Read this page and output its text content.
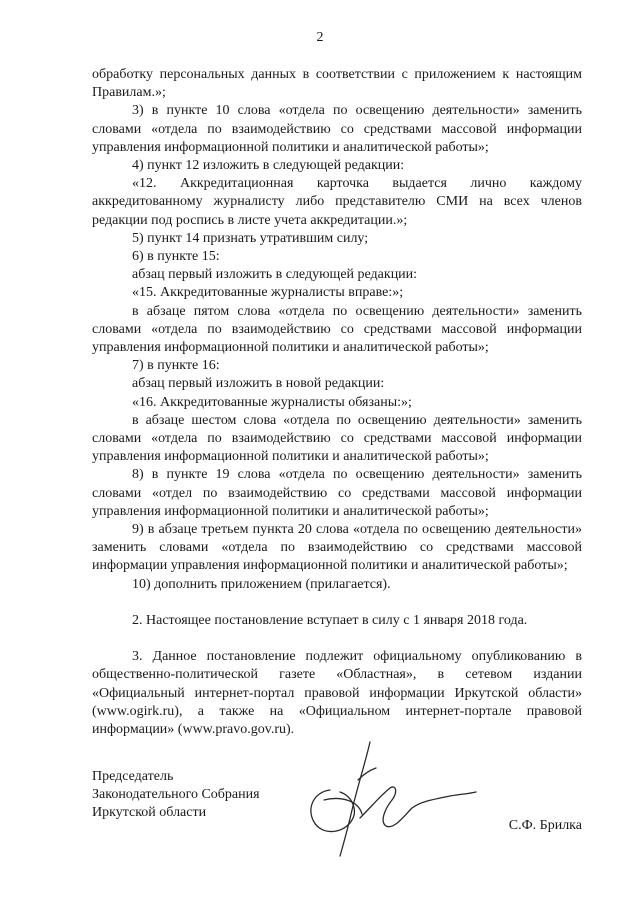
2

обработку персональных данных в соответствии с приложением к настоящим Правилам.»;

3) в пункте 10 слова «отдела по освещению деятельности» заменить словами «отдела по взаимодействию со средствами массовой информации управления информационной политики и аналитической работы»;

4) пункт 12 изложить в следующей редакции:

«12. Аккредитационная карточка выдается лично каждому аккредитованному журналисту либо представителю СМИ на всех членов редакции под роспись в листе учета аккредитации.»;

5) пункт 14 признать утратившим силу;

6) в пункте 15:

абзац первый изложить в следующей редакции:

«15. Аккредитованные журналисты вправе:»;

в абзаце пятом слова «отдела по освещению деятельности» заменить словами «отдела по взаимодействию со средствами массовой информации управления информационной политики и аналитической работы»;

7) в пункте 16:

абзац первый изложить в новой редакции:

«16. Аккредитованные журналисты обязаны:»;

в абзаце шестом слова «отдела по освещению деятельности» заменить словами «отдела по взаимодействию со средствами массовой информации управления информационной политики и аналитической работы»;

8) в пункте 19 слова «отдела по освещению деятельности» заменить словами «отдел по взаимодействию со средствами массовой информации управления информационной политики и аналитической работы»;

9) в абзаце третьем пункта 20 слова «отдела по освещению деятельности» заменить словами «отдела по взаимодействию со средствами массовой информации управления информационной политики и аналитической работы»;

10) дополнить приложением (прилагается).

2. Настоящее постановление вступает в силу с 1 января 2018 года.

3. Данное постановление подлежит официальному опубликованию в общественно-политической газете «Областная», в сетевом издании «Официальный интернет-портал правовой информации Иркутской области» (www.ogirk.ru), а также на «Официальном интернет-портале правовой информации» (www.pravo.gov.ru).

Председатель
Законодательного Собрания
Иркутской области
С.Ф. Брилка
